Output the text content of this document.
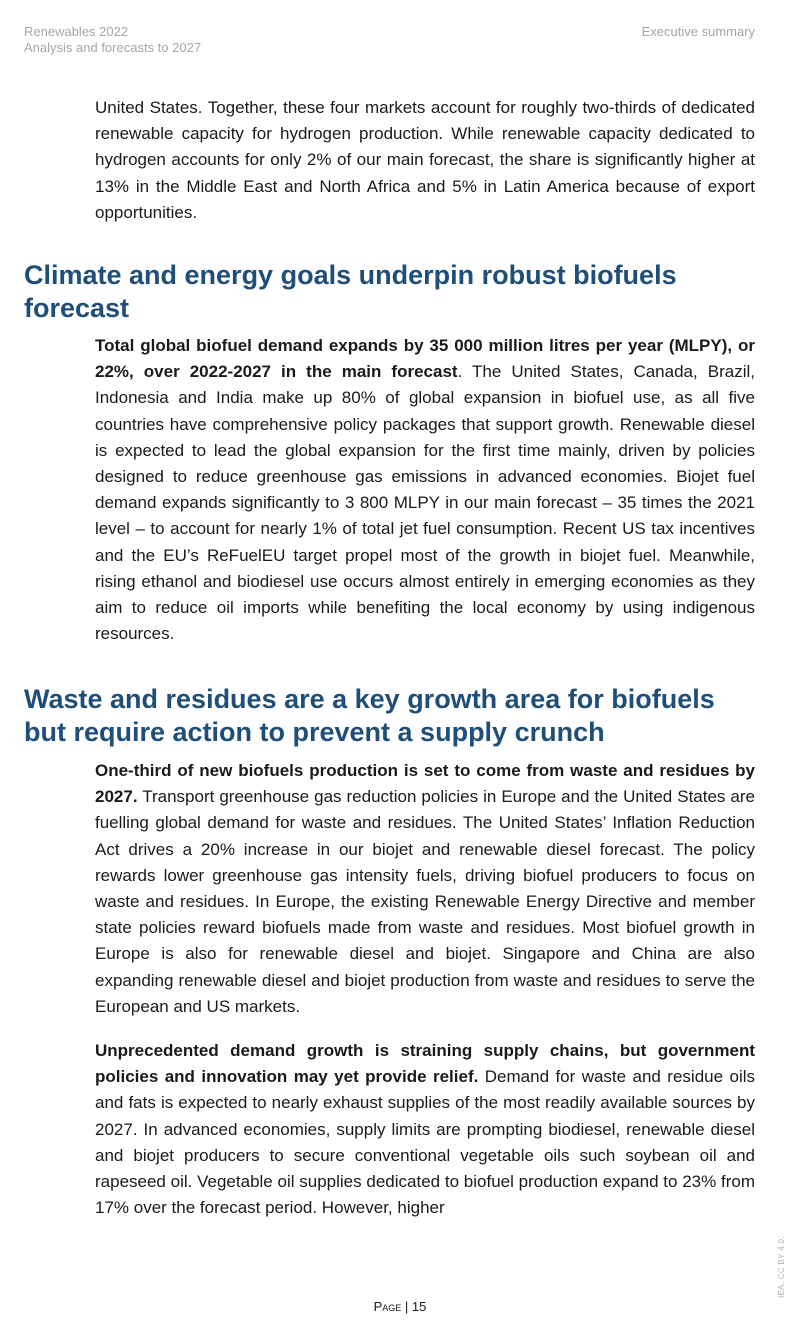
Renewables 2022
Analysis and forecasts to 2027
Executive summary

United States. Together, these four markets account for roughly two-thirds of dedicated renewable capacity for hydrogen production. While renewable capacity dedicated to hydrogen accounts for only 2% of our main forecast, the share is significantly higher at 13% in the Middle East and North Africa and 5% in Latin America because of export opportunities.

Climate and energy goals underpin robust biofuels forecast

Total global biofuel demand expands by 35 000 million litres per year (MLPY), or 22%, over 2022-2027 in the main forecast. The United States, Canada, Brazil, Indonesia and India make up 80% of global expansion in biofuel use, as all five countries have comprehensive policy packages that support growth. Renewable diesel is expected to lead the global expansion for the first time mainly, driven by policies designed to reduce greenhouse gas emissions in advanced economies. Biojet fuel demand expands significantly to 3 800 MLPY in our main forecast – 35 times the 2021 level – to account for nearly 1% of total jet fuel consumption. Recent US tax incentives and the EU’s ReFuelEU target propel most of the growth in biojet fuel. Meanwhile, rising ethanol and biodiesel use occurs almost entirely in emerging economies as they aim to reduce oil imports while benefiting the local economy by using indigenous resources.

Waste and residues are a key growth area for biofuels but require action to prevent a supply crunch

One-third of new biofuels production is set to come from waste and residues by 2027. Transport greenhouse gas reduction policies in Europe and the United States are fuelling global demand for waste and residues. The United States’ Inflation Reduction Act drives a 20% increase in our biojet and renewable diesel forecast. The policy rewards lower greenhouse gas intensity fuels, driving biofuel producers to focus on waste and residues. In Europe, the existing Renewable Energy Directive and member state policies reward biofuels made from waste and residues. Most biofuel growth in Europe is also for renewable diesel and biojet. Singapore and China are also expanding renewable diesel and biojet production from waste and residues to serve the European and US markets.

Unprecedented demand growth is straining supply chains, but government policies and innovation may yet provide relief. Demand for waste and residue oils and fats is expected to nearly exhaust supplies of the most readily available sources by 2027. In advanced economies, supply limits are prompting biodiesel, renewable diesel and biojet producers to secure conventional vegetable oils such soybean oil and rapeseed oil. Vegetable oil supplies dedicated to biofuel production expand to 23% from 17% over the forecast period. However, higher

IEA. CC BY 4.0.
Page | 15
